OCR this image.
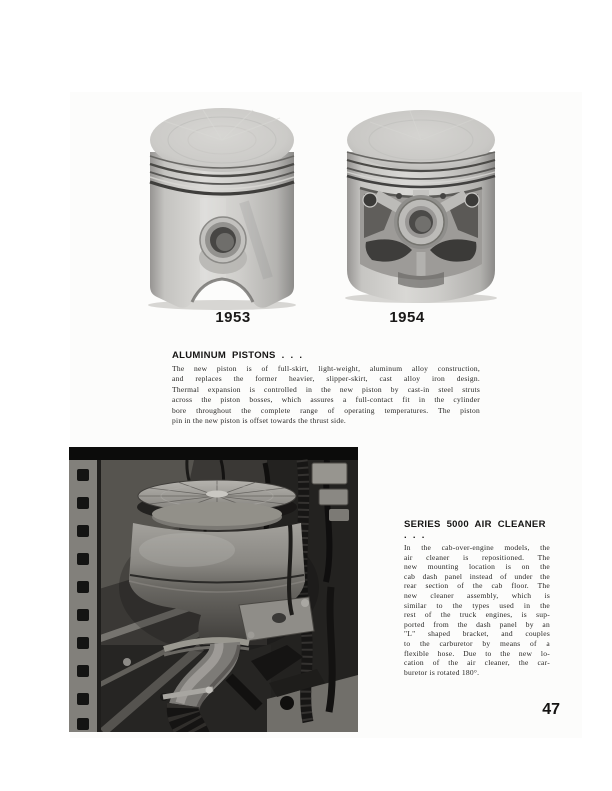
1953	1954
ALUMINUM PISTONS . . .
The new piston is of full-skirt, light-weight, aluminum alloy construction,
and replaces the former heavier, slipper-skirt, cast alloy iron design.
Thermal expansion is controlled in the new piston by cast-in steel struts
across the piston bosses, which assures a full-contact fit in the cylinder
bore throughout the complete range of operating temperatures. The piston
pin in the new piston is offset towards the thrust side.
SERIES 5000 AIR CLEANER . . .
In the cab-over-engine models, the
air cleaner is repositioned. The
new mounting location is on the
cab dash panel instead of under the
rear section of the cab floor. The
new cleaner assembly, which is
similar to the types used in the
rest of the truck engines, is sup-
ported from the dash panel by an
"L" shaped bracket, and couples
to the carburetor by means of a
flexible hose. Due to the new lo-
cation of the air cleaner, the car-
buretor is rotated 180°.
47
